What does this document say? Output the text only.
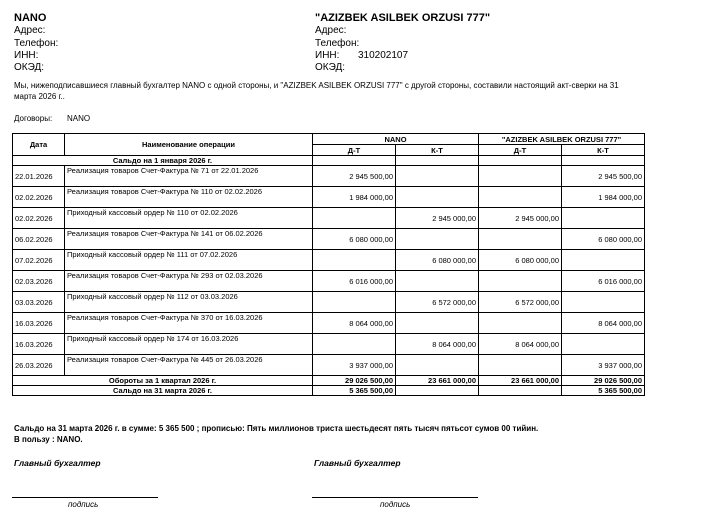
NANO
Адрес:
Телефон:
ИНН:
ОКЭД:
"AZIZBEK ASILBEK ORZUSI 777"
Адрес:
Телефон:
ИНН: 310202107
ОКЭД:
Мы, нижеподписавшиеся главный бухгалтер NANO с одной стороны, и "AZIZBEK ASILBEK ORZUSI 777" с другой стороны, составили настоящий акт-сверки на 31
марта 2026 г..
Договоры: NANO
Дата	Наименование операции	NANO		"AZIZBEK ASILBEK ORZUSI 777"	
		Д-Т	К-Т	Д-Т	К-Т
Сальдо на 1 января 2026 г.					
22.01.2026	Реализация товаров Счет-Фактура № 71 от 22.01.2026	2 945 500,00			2 945 500,00
02.02.2026	Реализация товаров Счет-Фактура № 110 от 02.02.2026	1 984 000,00			1 984 000,00
02.02.2026	Приходный кассовый ордер № 110 от 02.02.2026		2 945 000,00	2 945 000,00	
06.02.2026	Реализация товаров Счет-Фактура № 141 от 06.02.2026	6 080 000,00			6 080 000,00
07.02.2026	Приходный кассовый ордер № 111 от 07.02.2026		6 080 000,00	6 080 000,00	
02.03.2026	Реализация товаров Счет-Фактура № 293 от 02.03.2026	6 016 000,00			6 016 000,00
03.03.2026	Приходный кассовый ордер № 112 от 03.03.2026		6 572 000,00	6 572 000,00	
16.03.2026	Реализация товаров Счет-Фактура № 370 от 16.03.2026	8 064 000,00			8 064 000,00
16.03.2026	Приходный кассовый ордер № 174 от 16.03.2026		8 064 000,00	8 064 000,00	
26.03.2026	Реализация товаров Счет-Фактура № 445 от 26.03.2026	3 937 000,00			3 937 000,00
Обороты за 1 квартал 2026 г.		29 026 500,00	23 661 000,00	23 661 000,00	29 026 500,00
Сальдо на 31 марта 2026 г.		5 365 500,00			5 365 500,00
Сальдо на 31 марта 2026 г. в сумме: 5 365 500 ; прописью: Пять миллионов триста шестьдесят пять тысяч пятьсот сумов 00 тийин.
В пользу : NANO.
Главный бухгалтер	Главный бухгалтер
подпись	подпись
